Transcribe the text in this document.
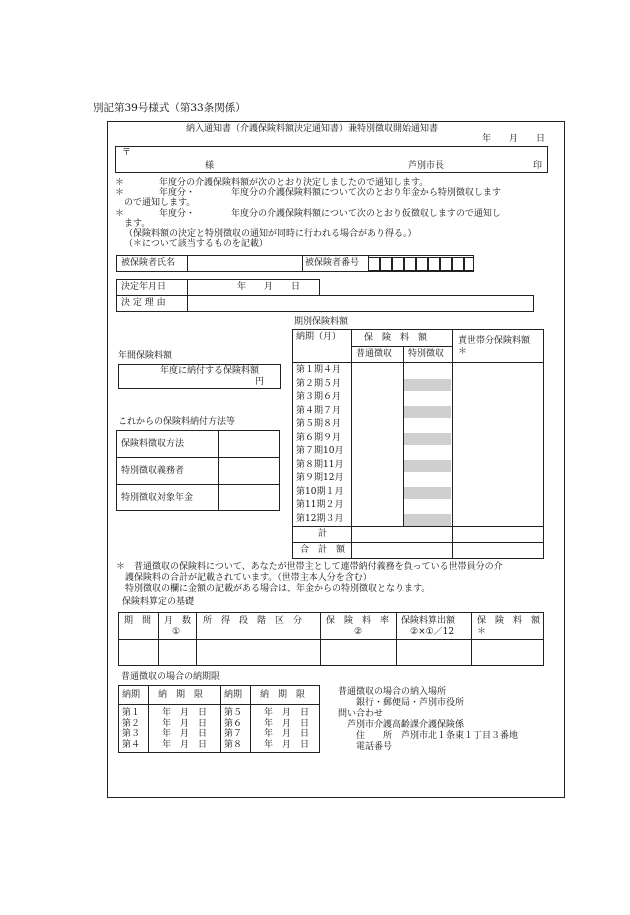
別記第39号様式（第33条関係）
納入通知書（介護保険料額決定通知書）兼特別徴収開始通知書
年　　月　　日
〒
様	芦別市長	印
＊ 　　　年度分の介護保険料額が次のとおり決定しましたので通知します。
＊ 　　　年度分・　　　　年度分の介護保険料額について次のとおり年金から特別徴収します
ので通知します。
＊ 　　　年度分・　　　　年度分の介護保険料額について次のとおり仮徴収しますので通知し
ます。
（保険料額の決定と特別徴収の通知が同時に行われる場合があり得る。）
（＊について該当するものを記載）
被保険者氏名	被保険者番号
決定年月日	年　　月　　日
決 定 理 由
年間保険料額
年度に納付する保険料額
円
これからの保険料納付方法等
保険料徴収方法
特別徴収義務者
特別徴収対象年金
期別保険料額
納期（月）	保　険　料　額
普通徴収 特別徴収
責世帯分保険料額
＊
第１期４月
第２期５月
第３期６月
第４期７月
第５期８月
第６期９月
第７期10月
第８期11月
第９期12月
第10期１月
第11期２月
第12期３月
計
合　計　額
＊　普通徴収の保険料について、あなたが世帯主として連帯納付義務を負っている世帯員分の介
　護保険料の合計が記載されています。（世帯主本人分を含む）
　特別徴収の欄に金額の記載がある場合は、年金からの特別徴収となります。
保険料算定の基礎
期　間 月　数
①
所　得　段　階　区　分	保　険　料　率
②
保険料算出額
②×①／12
保　険　料　額
＊
普通徴収の場合の納期限
納期 納　期　限 納期 納　期　限
第１ 年　月　日 第５ 年　月　日
第２ 年　月　日 第６ 年　月　日
第３ 年　月　日 第７ 年　月　日
第４ 年　月　日 第８ 年　月　日
普通徴収の場合の納入場所
　　銀行・郵便局・芦別市役所
問い合わせ
　芦別市介護高齢課介護保険係
　　住　　所　芦別市北１条東１丁目３番地
　　電話番号
